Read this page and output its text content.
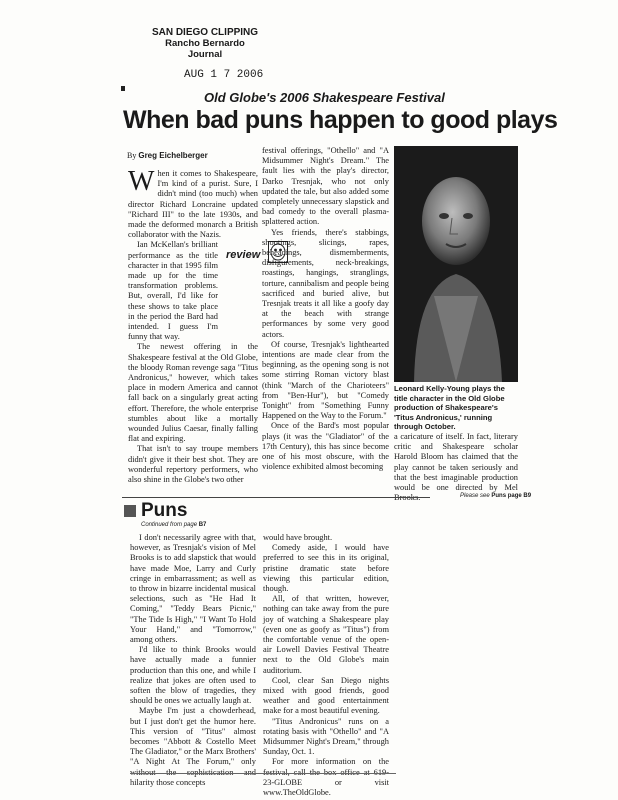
SAN DIEGO CLIPPING
Rancho Bernardo
Journal
AUG 1 7 2006
Old Globe's 2006 Shakespeare Festival
When bad puns happen to good plays
By Greg Eichelberger

When it comes to Shakespeare, I'm kind of a purist. Sure, I didn't mind (too much) when director Richard Loncraine updated "Richard III" to the late 1930s, and made the deformed monarch a British collaborator with the Nazis.

Ian McKellan's brilliant performance as the title character in that 1995 film made up for the time transformation problems. But, overall, I'd like for these shows to take place in the period the Bard had intended. I guess I'm funny that way.

The newest offering in the Shakespeare festival at the Old Globe, the bloody Roman revenge saga "Titus Andronicus," however, which takes place in modern America and cannot fall back on a singularly great acting effort. Therefore, the whole enterprise stumbles about like a mortally wounded Julius Caesar, finally falling flat and expiring.

That isn't to say troupe members didn't give it their best shot. They are wonderful repertory performers, who also shine in the Globe's two other

review

festival offerings, "Othello" and "A Midsummer Night's Dream." The fault lies with the play's director, Darko Tresnjak, who not only updated the tale, but also added some completely unnecessary slapstick and bad comedy to the overall plasma-splattered action.

Yes friends, there's stabbings, shootings, slicings, rapes, beheadings, dismemberments, disfigurements, neck-breakings, roastings, hangings, stranglings, torture, cannibalism and people being sacrificed and buried alive, but Tresnjak treats it all like a goofy day at the beach with strange performances by some very good actors.

Of course, Tresnjak's lighthearted intentions are made clear from the beginning, as the opening song is not some stirring Roman victory blast (think "March of the Charioteers" from "Ben-Hur"), but "Comedy Tonight" from "Something Funny Happened on the Way to the Forum."

Once of the Bard's most popular plays (it was the "Gladiator" of the 17th Century), this has since become one of his most obscure, with the violence exhibited almost becoming

Leonard Kelly-Young plays the title character in the Old Globe production of Shakespeare's 'Titus Andronicus,' running through October.

a caricature of itself. In fact, literary critic and Shakespeare scholar Harold Bloom has claimed that the play cannot be taken seriously and that the best imaginable production would be one directed by Mel

Please see Puns page B9
Puns
Continued from page B7

I don't necessarily agree with that, however, as Tresnjak's vision of Mel Brooks is to add slapstick that would have made Moe, Larry and Curly cringe in embarrassment; as well as to throw in bizarre incidental musical selections, such as "He Had It Coming," "Teddy Bears Picnic," "The Tide Is High," "I Want To Hold Your Hand," and "Tomorrow," among others.

I'd like to think Brooks would have actually made a funnier production than this one, and while I realize that jokes are often used to soften the blow of tragedies, they should be ones we actually laugh at.

Maybe I'm just a chowderhead, but I just don't get the humor here. This version of "Titus" almost becomes "Abbott & Costello Meet The Gladiator," or the Marx Brothers' "A Night At The Forum," only hilarity those concepts

would have brought.

Comedy aside, I would have preferred to see this in its original, pristine dramatic state before viewing this particular edition, though.

All, of that written, however, nothing can take away from the pure joy of watching a Shakespeare play (even one as goofy as "Titus") from the comfortable venue of the open-air Lowell Davies Festival Theatre next to the Old Globe's main auditorium.

Cool, clear San Diego nights mixed with good friends, good weather and good entertainment make for a most beautiful evening.

"Titus Andronicus" runs on a rotating basis with "Othello" and "A Midsummer Night's Dream," through Sunday, Oct. 1.

For more information on the 23-GLOBE or visit www.TheOldGlobe.
